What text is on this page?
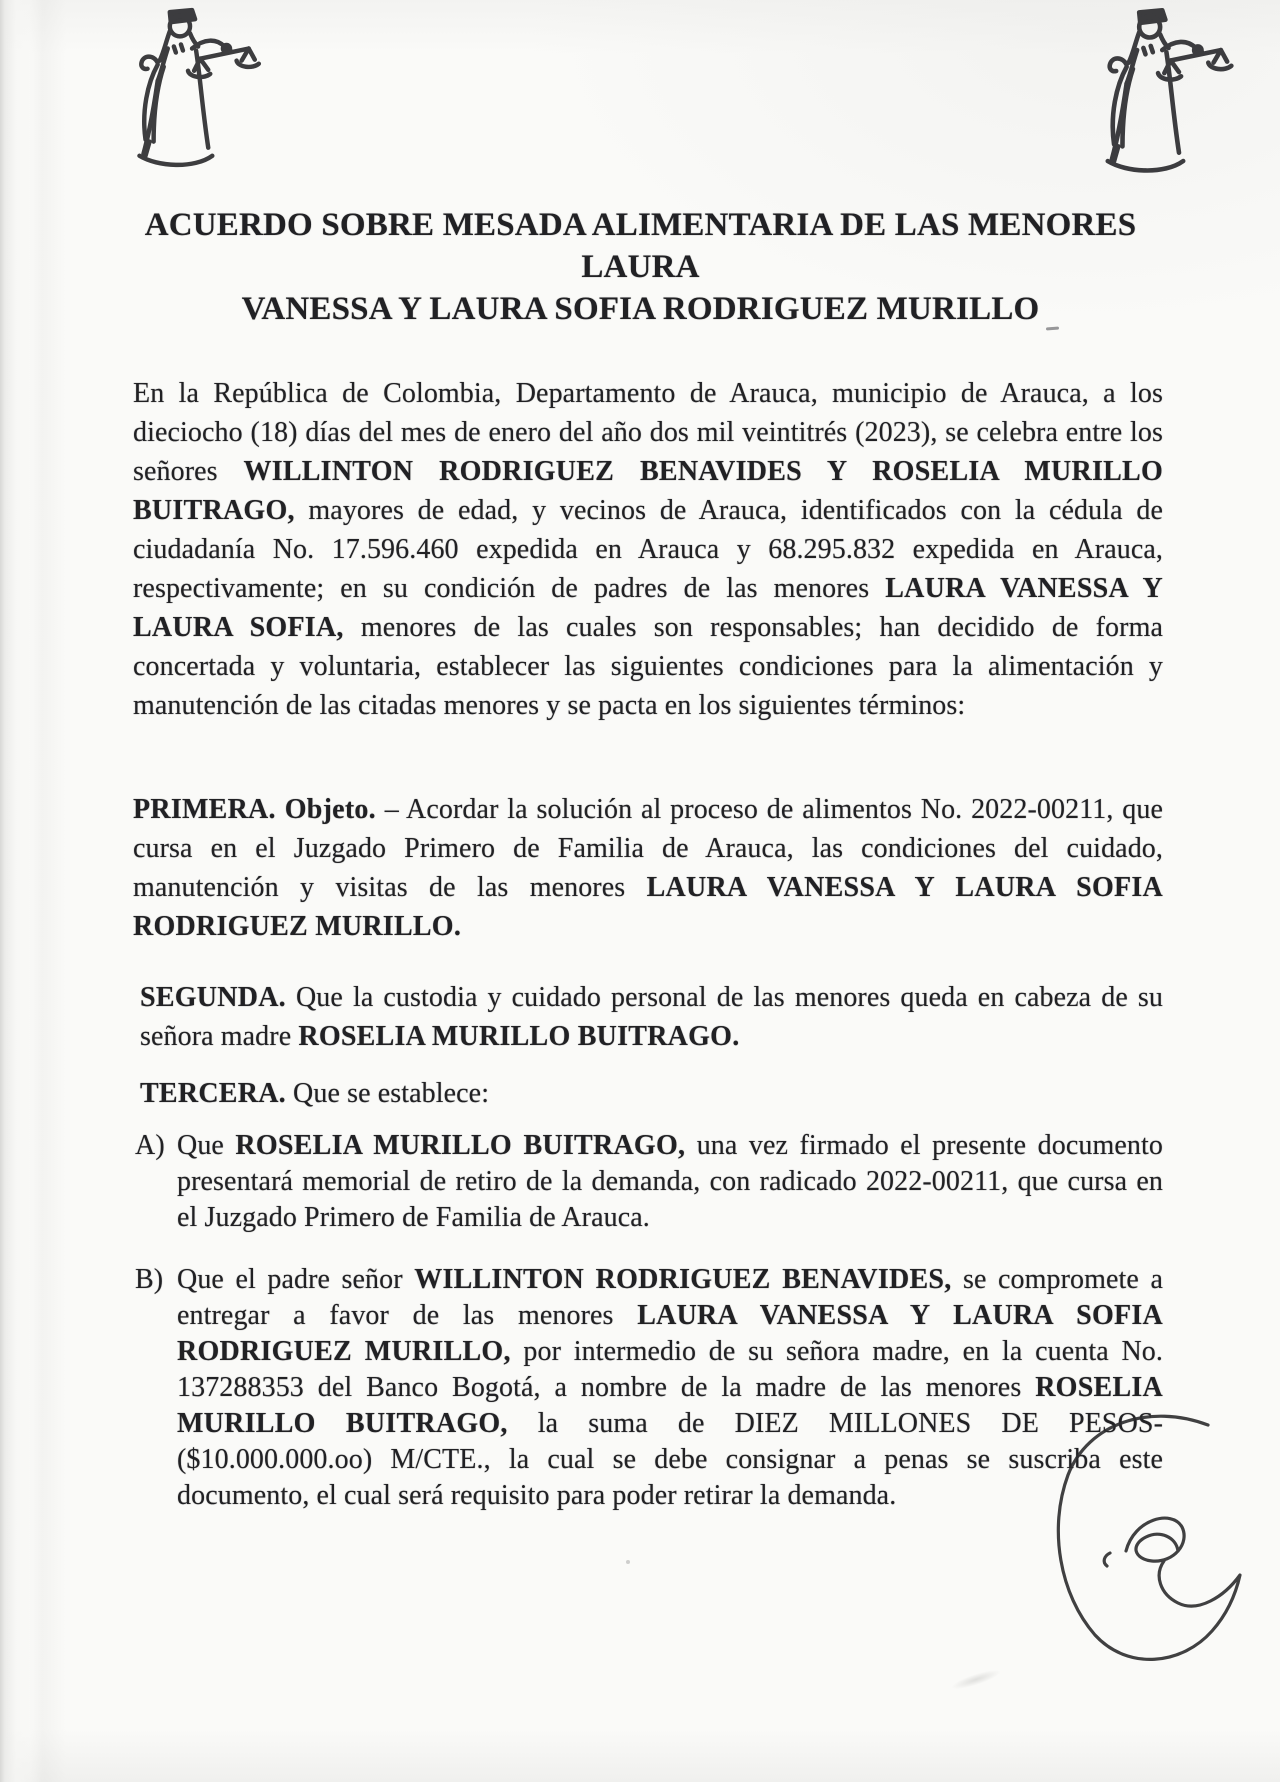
ACUERDO SOBRE MESADA ALIMENTARIA DE LAS MENORES LAURA
VANESSA Y LAURA SOFIA RODRIGUEZ MURILLO

En la República de Colombia, Departamento de Arauca, municipio de Arauca, a los dieciocho (18) días del mes de enero del año dos mil veintitrés (2023), se celebra entre los señores WILLINTON RODRIGUEZ BENAVIDES Y ROSELIA MURILLO BUITRAGO, mayores de edad, y vecinos de Arauca, identificados con la cédula de ciudadanía No. 17.596.460 expedida en Arauca y 68.295.832 expedida en Arauca, respectivamente; en su condición de padres de las menores LAURA VANESSA Y LAURA SOFIA, menores de las cuales son responsables; han decidido de forma concertada y voluntaria, establecer las siguientes condiciones para la alimentación y manutención de las citadas menores y se pacta en los siguientes términos:

PRIMERA. Objeto. – Acordar la solución al proceso de alimentos No. 2022-00211, que cursa en el Juzgado Primero de Familia de Arauca, las condiciones del cuidado, manutención y visitas de las menores LAURA VANESSA Y LAURA SOFIA RODRIGUEZ MURILLO.

SEGUNDA. Que la custodia y cuidado personal de las menores queda en cabeza de su señora madre ROSELIA MURILLO BUITRAGO.

TERCERA. Que se establece:

A) Que ROSELIA MURILLO BUITRAGO, una vez firmado el presente documento presentará memorial de retiro de la demanda, con radicado 2022-00211, que cursa en el Juzgado Primero de Familia de Arauca.
B) Que el padre señor WILLINTON RODRIGUEZ BENAVIDES, se compromete a entregar a favor de las menores LAURA VANESSA Y LAURA SOFIA RODRIGUEZ MURILLO, por intermedio de su señora madre, en la cuenta No. 137288353 del Banco Bogotá, a nombre de la madre de las menores ROSELIA MURILLO BUITRAGO, la suma de DIEZ MILLONES DE PESOS-($10.000.000.oo) M/CTE., la cual se debe consignar a penas se suscriba este documento, el cual será requisito para poder retirar la demanda.
